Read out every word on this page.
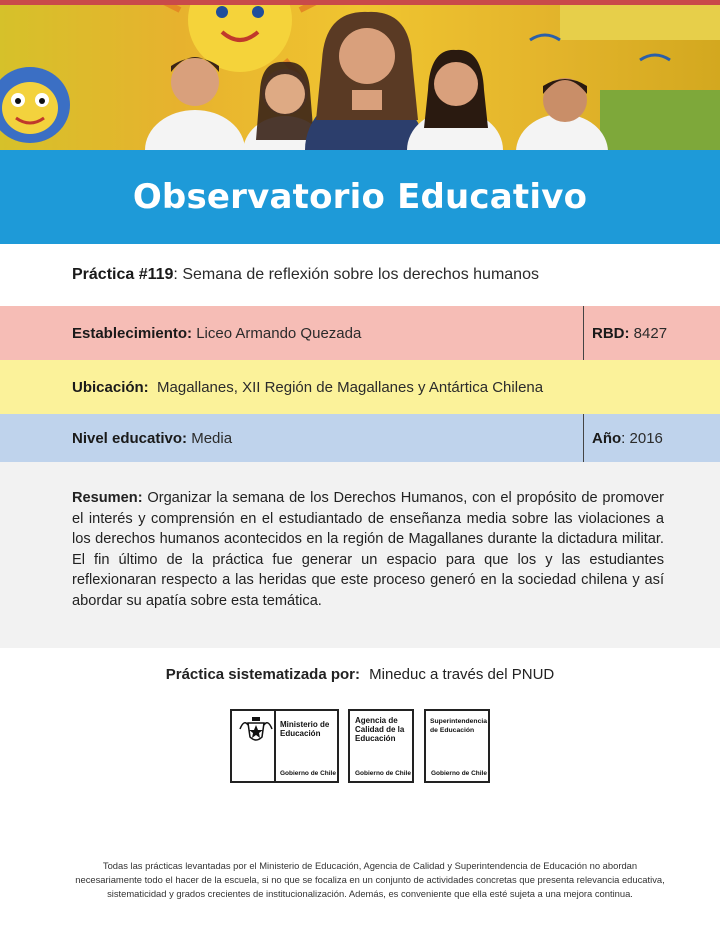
Observatorio Educativo
Práctica #119 : Semana de reflexión sobre los derechos humanos
Establecimiento:
Liceo Armando Quezada	RBD:
8427
Ubicación:
Magallanes, XII Región de Magallanes y Antártica Chilena
Nivel educativo:
Media	Año : 2016
Resumen: Organizar la semana de los Derechos Humanos, con el propósito de promover el interés y comprensión en el estudiantado de enseñanza media sobre las violaciones a los derechos humanos acontecidos en la región de Magallanes durante la dictadura militar. El fin último de la práctica fue generar un espacio para que los y las estudiantes reflexionaran respecto a las heridas que este proceso generó en la sociedad chilena y así abordar su apatía sobre esta temática.
Práctica sistematizada por: Mineduc a través del PNUD
Ministerio de
Educación
Gobierno de Chile
Agencia de
Calidad de la
Educación
Gobierno de Chile
Superintendencia
de Educación
Gobierno de Chile
Todas las prácticas levantadas por el Ministerio de Educación, Agencia de Calidad y Superintendencia de Educación no abordan necesariamente todo el hacer de la escuela, si no que se focaliza en un conjunto de actividades concretas que presenta relevancia educativa, sistematicidad y grados crecientes de institucionalización. Además, es conveniente que ella esté sujeta a una mejora continua.
